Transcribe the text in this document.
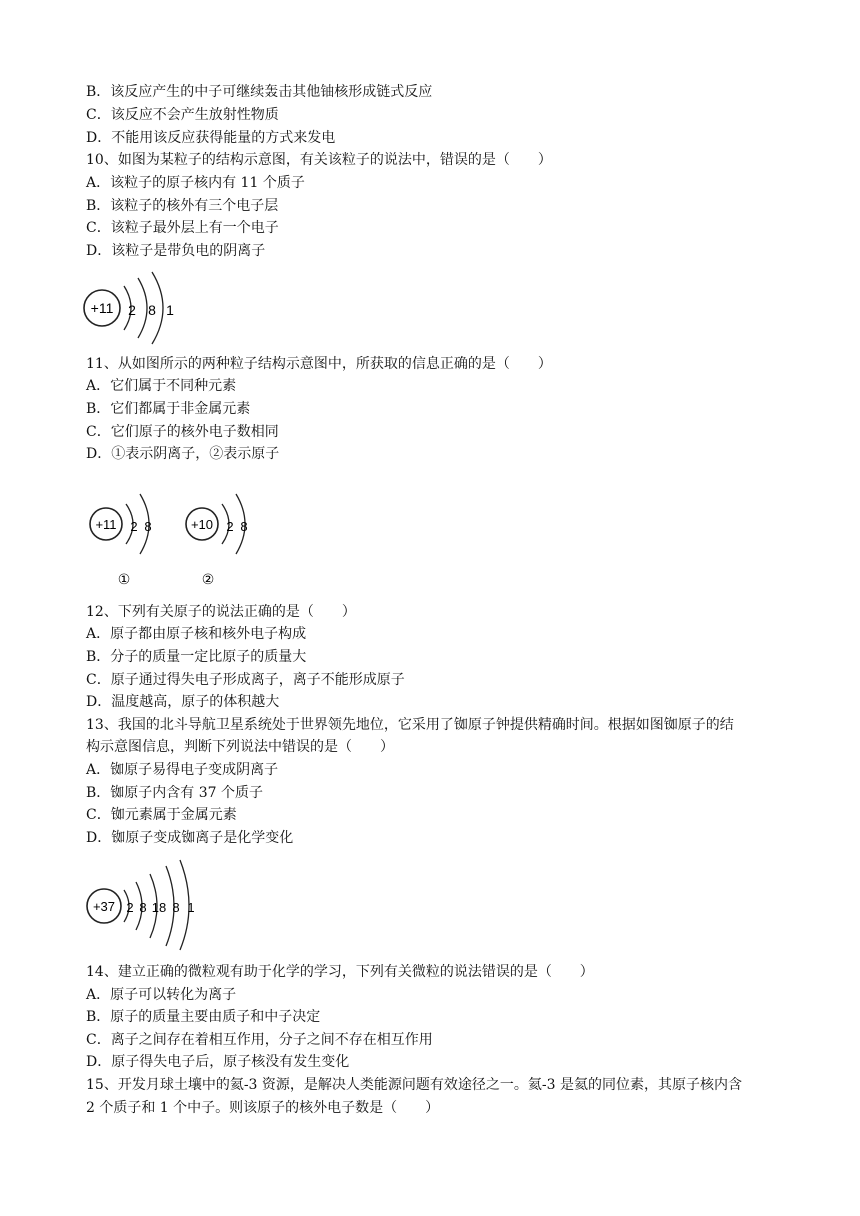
B．该反应产生的中子可继续轰击其他铀核形成链式反应
C．该反应不会产生放射性物质
D．不能用该反应获得能量的方式来发电
10、如图为某粒子的结构示意图，有关该粒子的说法中，错误的是（　　）
A．该粒子的原子核内有 11 个质子
B．该粒子的核外有三个电子层
C．该粒子最外层上有一个电子
D．该粒子是带负电的阴离子
+11 2 8 1
11、从如图所示的两种粒子结构示意图中，所获取的信息正确的是（　　）
A．它们属于不同种元素
B．它们都属于非金属元素
C．它们原子的核外电子数相同
D．①表示阴离子，②表示原子
+11 2 8
①
+10 2 8
②
12、下列有关原子的说法正确的是（　　）
A．原子都由原子核和核外电子构成
B．分子的质量一定比原子的质量大
C．原子通过得失电子形成离子，离子不能形成原子
D．温度越高，原子的体积越大
13、我国的北斗导航卫星系统处于世界领先地位，它采用了铷原子钟提供精确时间。根据如图铷原子的结
构示意图信息，判断下列说法中错误的是（　　）
A．铷原子易得电子变成阴离子
B．铷原子内含有 37 个质子
C．铷元素属于金属元素
D．铷原子变成铷离子是化学变化
+37 2 8 18 8 1
14、建立正确的微粒观有助于化学的学习，下列有关微粒的说法错误的是（　　）
A．原子可以转化为离子
B．原子的质量主要由质子和中子决定
C．离子之间存在着相互作用，分子之间不存在相互作用
D．原子得失电子后，原子核没有发生变化
15、开发月球土壤中的氦-3 资源，是解决人类能源问题有效途径之一。氦-3 是氦的同位素，其原子核内含
2 个质子和 1 个中子。则该原子的核外电子数是（　　）
